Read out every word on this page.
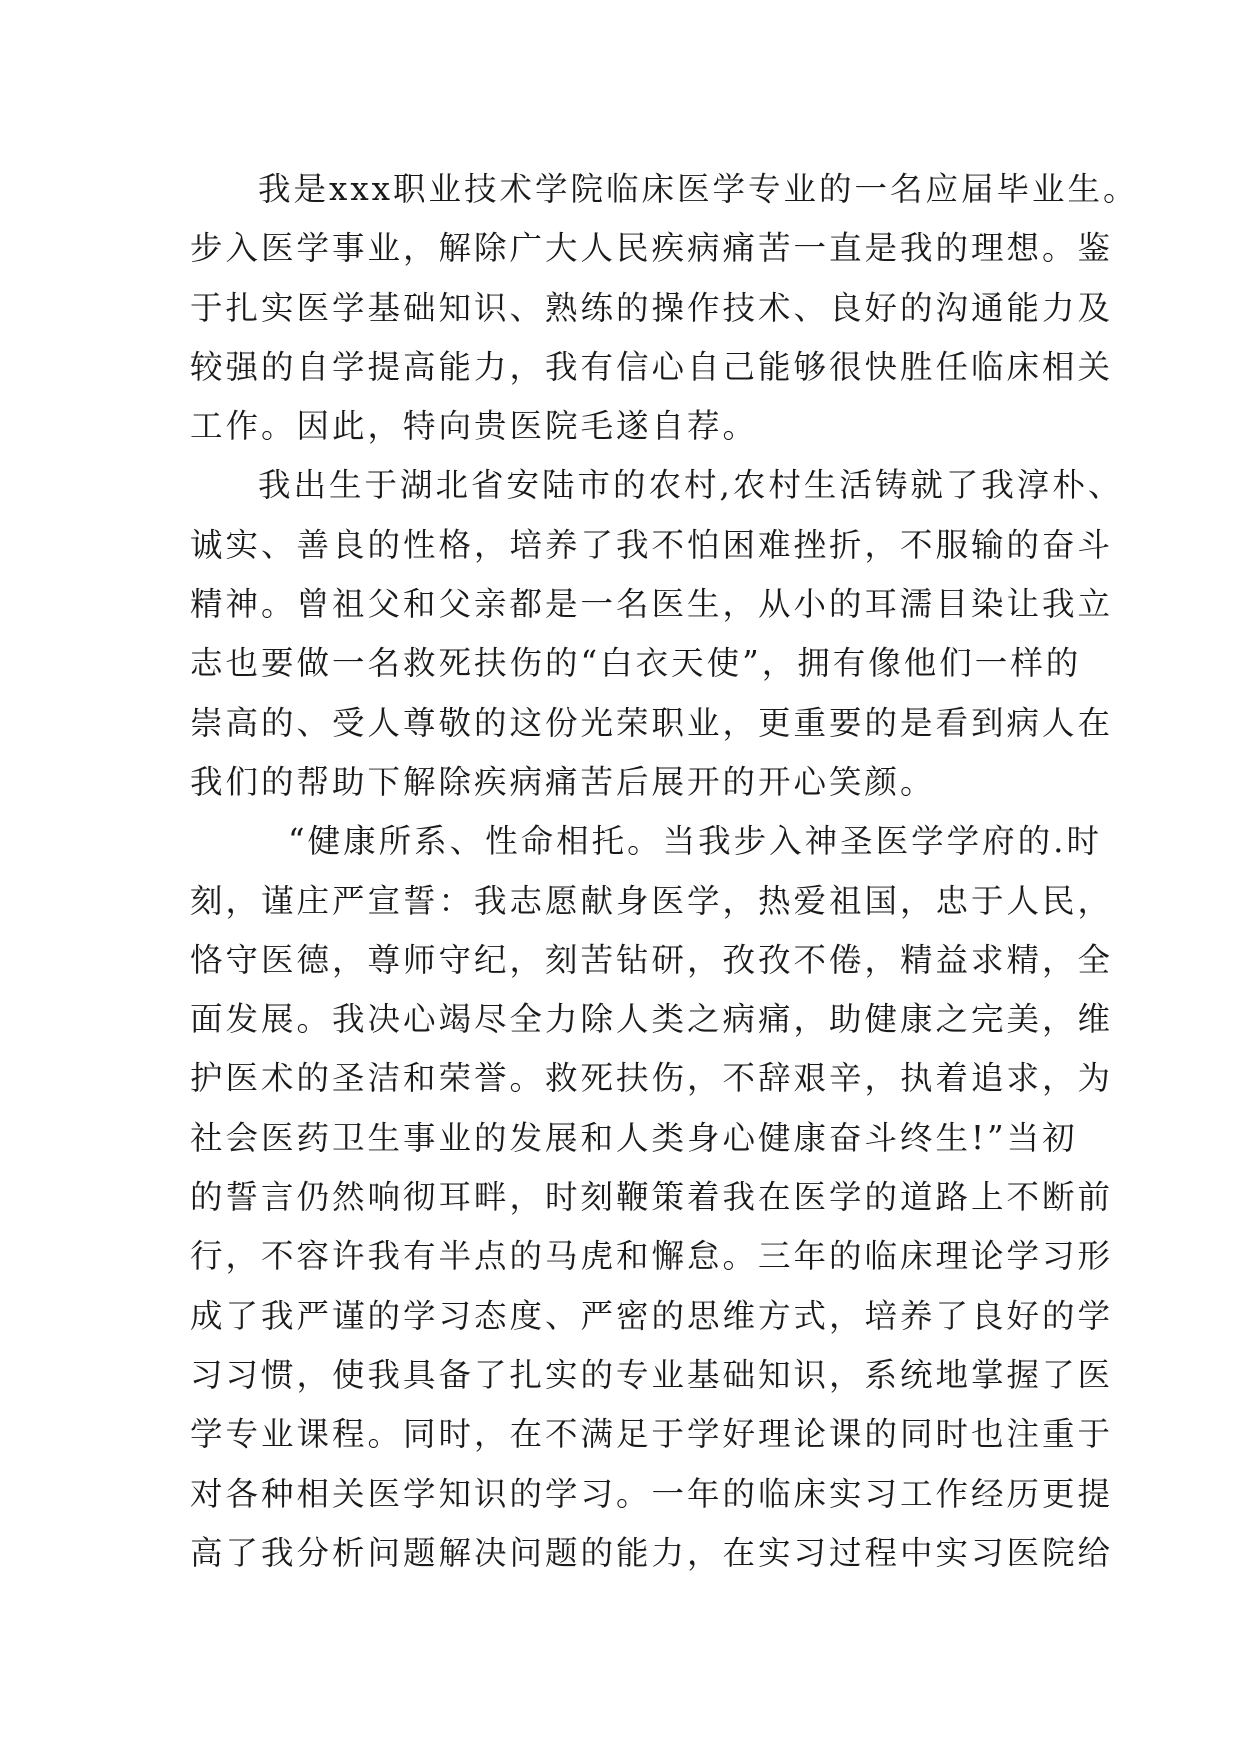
我是xxx职业技术学院临床医学专业的一名应届毕业生。
步入医学事业，解除广大人民疾病痛苦一直是我的理想。鉴
于扎实医学基础知识、熟练的操作技术、良好的沟通能力及
较强的自学提高能力，我有信心自己能够很快胜任临床相关
工作。因此，特向贵医院毛遂自荐。
我出生于湖北省安陆市的农村,农村生活铸就了我淳朴、
诚实、善良的性格，培养了我不怕困难挫折，不服输的奋斗
精神。曾祖父和父亲都是一名医生，从小的耳濡目染让我立
志也要做一名救死扶伤的“白衣天使”，拥有像他们一样的
崇高的、受人尊敬的这份光荣职业，更重要的是看到病人在
我们的帮助下解除疾病痛苦后展开的开心笑颜。
“健康所系、性命相托。当我步入神圣医学学府的.时
刻，谨庄严宣誓：我志愿献身医学，热爱祖国，忠于人民，
恪守医德，尊师守纪，刻苦钻研，孜孜不倦，精益求精，全
面发展。我决心竭尽全力除人类之病痛，助健康之完美，维
护医术的圣洁和荣誉。救死扶伤，不辞艰辛，执着追求，为
社会医药卫生事业的发展和人类身心健康奋斗终生!”当初
的誓言仍然响彻耳畔，时刻鞭策着我在医学的道路上不断前
行，不容许我有半点的马虎和懈怠。三年的临床理论学习形
成了我严谨的学习态度、严密的思维方式，培养了良好的学
习习惯，使我具备了扎实的专业基础知识，系统地掌握了医
学专业课程。同时，在不满足于学好理论课的同时也注重于
对各种相关医学知识的学习。一年的临床实习工作经历更提
高了我分析问题解决问题的能力，在实习过程中实习医院给
